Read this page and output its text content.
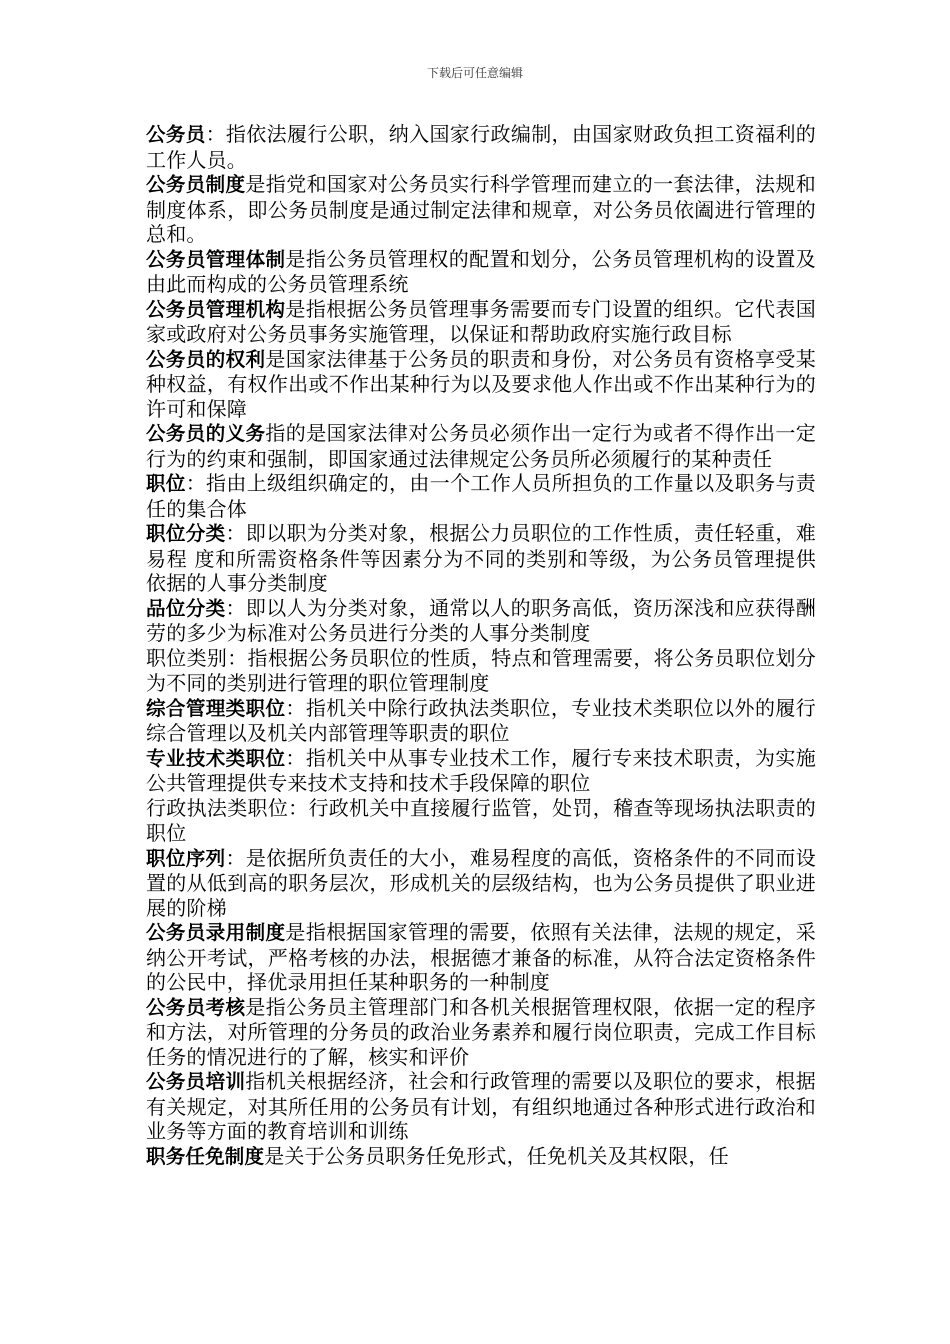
下载后可任意编辑

公务员：指依法履行公职，纳入国家行政编制，由国家财政负担工资福利的工作人员。

公务员制度是指党和国家对公务员实行科学管理而建立的一套法律，法规和制度体系，即公务员制度是通过制定法律和规章，对公务员依阖进行管理的总和。

公务员管理体制是指公务员管理权的配置和划分，公务员管理机构的设置及由此而构成的公务员管理系统

公务员管理机构是指根据公务员管理事务需要而专门设置的组织。它代表国家或政府对公务员事务实施管理，以保证和帮助政府实施行政目标

公务员的权利是国家法律基于公务员的职责和身份，对公务员有资格享受某种权益，有权作出或不作出某种行为以及要求他人作出或不作出某种行为的许可和保障

公务员的义务指的是国家法律对公务员必须作出一定行为或者不得作出一定行为的约束和强制，即国家通过法律规定公务员所必须履行的某种责任

职位：指由上级组织确定的，由一个工作人员所担负的工作量以及职务与责任的集合体

职位分类：即以职为分类对象，根据公力员职位的工作性质，责任轻重，难易程 度和所需资格条件等因素分为不同的类别和等级，为公务员管理提供依据的人事分类制度

品位分类：即以人为分类对象，通常以人的职务高低，资历深浅和应获得酬劳的多少为标准对公务员进行分类的人事分类制度

职位类别：指根据公务员职位的性质，特点和管理需要，将公务员职位划分为不同的类别进行管理的职位管理制度

综合管理类职位：指机关中除行政执法类职位，专业技术类职位以外的履行综合管理以及机关内部管理等职责的职位

专业技术类职位：指机关中从事专业技术工作，履行专来技术职责，为实施公共管理提供专来技术支持和技术手段保障的职位

行政执法类职位：行政机关中直接履行监管，处罚，稽查等现场执法职责的职位

职位序列：是依据所负责任的大小，难易程度的高低，资格条件的不同而设置的从低到高的职务层次，形成机关的层级结构，也为公务员提供了职业进展的阶梯

公务员录用制度是指根据国家管理的需要，依照有关法律，法规的规定，采纳公开考试，严格考核的办法，根据德才兼备的标准，从符合法定资格条件的公民中，择优录用担任某种职务的一种制度

公务员考核是指公务员主管理部门和各机关根据管理权限，依据一定的程序和方法，对所管理的分务员的政治业务素养和履行岗位职责，完成工作目标任务的情况进行的了解，核实和评价

公务员培训指机关根据经济，社会和行政管理的需要以及职位的要求，根据有关规定，对其所任用的公务员有计划，有组织地通过各种形式进行政治和业务等方面的教育培训和训练

职务任免制度是关于公务员职务任免形式，任免机关及其权限，任
